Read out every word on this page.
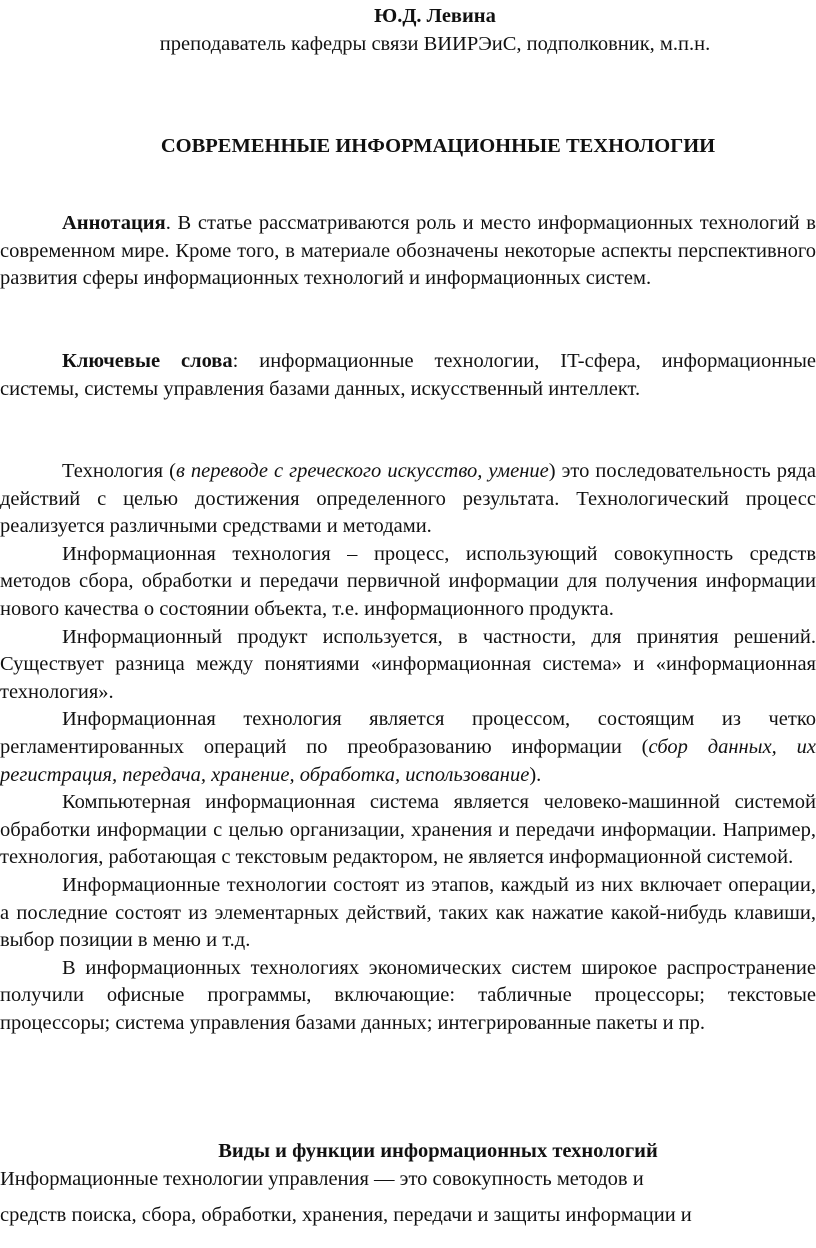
Ю.Д. Левина
преподаватель кафедры связи ВИИРЭиС, подполковник, м.п.н.
СОВРЕМЕННЫЕ ИНФОРМАЦИОННЫЕ ТЕХНОЛОГИИ

Аннотация. В статье рассматриваются роль и место информационных технологий в современном мире. Кроме того, в материале обозначены некоторые аспекты перспективного развития сферы информационных технологий и информационных систем.

Ключевые слова: информационные технологии, IT-сфера, информационные системы, системы управления базами данных, искусственный интеллект.

Технология (в переводе с греческого искусство, умение) это последовательность ряда действий с целью достижения определенного результата. Технологический процесс реализуется различными средствами и методами.

Информационная технология – процесс, использующий совокупность средств методов сбора, обработки и передачи первичной информации для получения информации нового качества о состоянии объекта, т.е. информационного продукта.

Информационный продукт используется, в частности, для принятия решений. Существует разница между понятиями «информационная система» и «информационная технология».

Информационная технология является процессом, состоящим из четко регламентированных операций по преобразованию информации (сбор данных, их регистрация, передача, хранение, обработка, использование).

Компьютерная информационная система является человеко-машинной системой обработки информации с целью организации, хранения и передачи информации. Например, технология, работающая с текстовым редактором, не является информационной системой.

Информационные технологии состоят из этапов, каждый из них включает операции, а последние состоят из элементарных действий, таких как нажатие какой-нибудь клавиши, выбор позиции в меню и т.д.

В информационных технологиях экономических систем широкое распространение получили офисные программы, включающие: табличные процессоры; текстовые процессоры; система управления базами данных; интегрированные пакеты и пр.

Виды и функции информационных технологий
Информационные технологии управления — это совокупность методов и
средств поиска, сбора, обработки, хранения, передачи и защиты информации и
